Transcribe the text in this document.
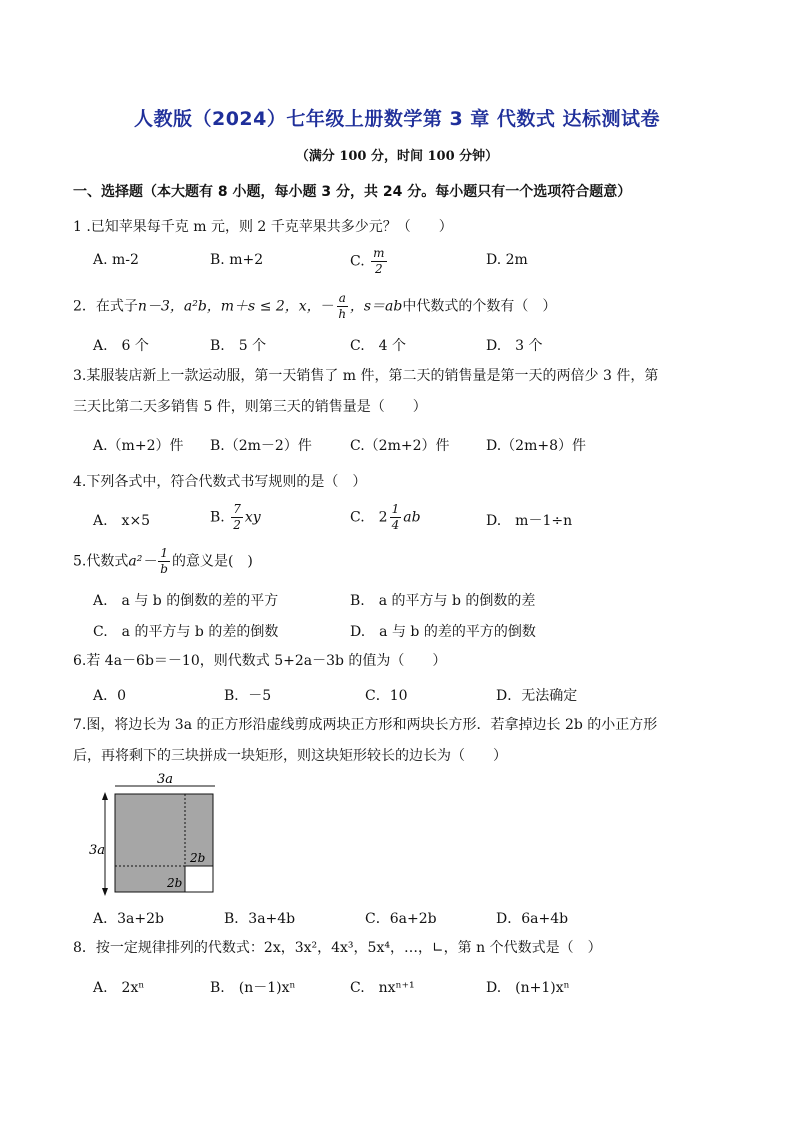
人教版（2024）七年级上册数学第 3 章 代数式 达标测试卷
（满分 100 分，时间 100 分钟）
一、选择题（本大题有 8 小题，每小题 3 分，共 24 分。每小题只有一个选项符合题意）
1 .已知苹果每千克 m 元，则 2 千克苹果共多少元？（　　）
A. m-2	B. m+2	C. $\frac{m}{2}$	D. 2m
2．在式子n－3，a²b，m＋s ≤ 2，x，－ $\frac{a}{h}$ ，s＝ab中代数式的个数有（　）
A.　6 个	B.　5 个	C.　4 个	D.　3 个
3.某服装店新上一款运动服，第一天销售了 m 件，第二天的销售量是第一天的两倍少 3 件，第
三天比第二天多销售 5 件，则第三天的销售量是（　　）
A.（m+2）件 B.（2m－2）件	C.（2m+2）件	D.（2m+8）件
4.下列各式中，符合代数式书写规则的是（　）
A.　x×5	B. $\frac{7}{2}$ xy	C.　$2 \frac{1}{4}$ ab	D.　m－1÷n
5.代数式$a^2- \frac{1}{b}$ 的意义是(　)
A.　a 与 b 的倒数的差的平方	B.　a 的平方与 b 的倒数的差
C.　a 的平方与 b 的差的倒数	D.　a 与 b 的差的平方的倒数
6.若 4a－6b＝－10，则代数式 5+2a－3b 的值为（　　）
A．0	B．－5	C．10	D．无法确定
7.图，将边长为 3a 的正方形沿虚线剪成两块正方形和两块长方形．若拿掉边长 2b 的小正方形
后，再将剩下的三块拼成一块矩形，则这块矩形较长的边长为（　　）
3a
3a	2b
2b
A．3a+2b	B．3a+4b	C．6a+2b	D．6a+4b
8．按一定规律排列的代数式：2x，3x²，4x³，5x⁴，…，∟，第 n 个代数式是（　）
A.　2xⁿ	B.　(n－1)xⁿ	C.　nxⁿ⁺¹	D.　(n+1)xⁿ
